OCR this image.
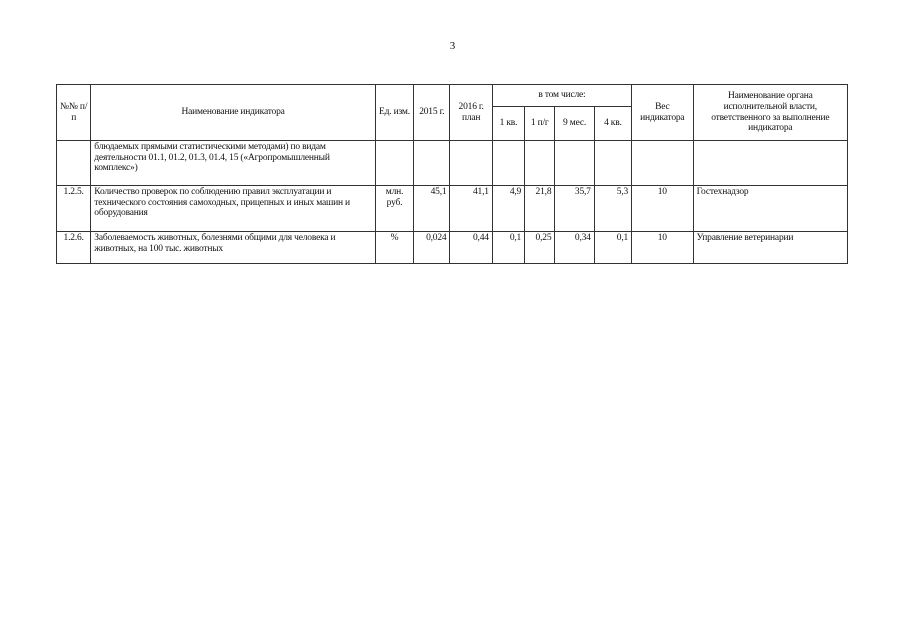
3
№№ п/п	Наименование индикатора	Ед. изм.	2015 г.	2016 г. план	в том числе:				Вес индикатора	Наименование органа исполнительной власти, ответственного за выполнение индикатора
					1 кв.	1 п/г	9 мес.	4 кв.		
	блюдаемых прямыми статистическими методами) по видам деятельности 01.1, 01.2, 01.3, 01.4, 15 («Агропромышленный комплекс»)									
1.2.5.	Количество проверок по соблюдению правил эксплуатации и технического состояния самоходных, прицепных и иных машин и оборудования	млн. руб.	45,1	41,1	4,9	21,8	35,7	5,3	10	Гостехнадзор
1.2.6.	Заболеваемость животных, болезнями общими для человека и животных, на 100 тыс. животных	%	0,024	0,44	0,1	0,25	0,34	0,1	10	Управление ветеринарии
